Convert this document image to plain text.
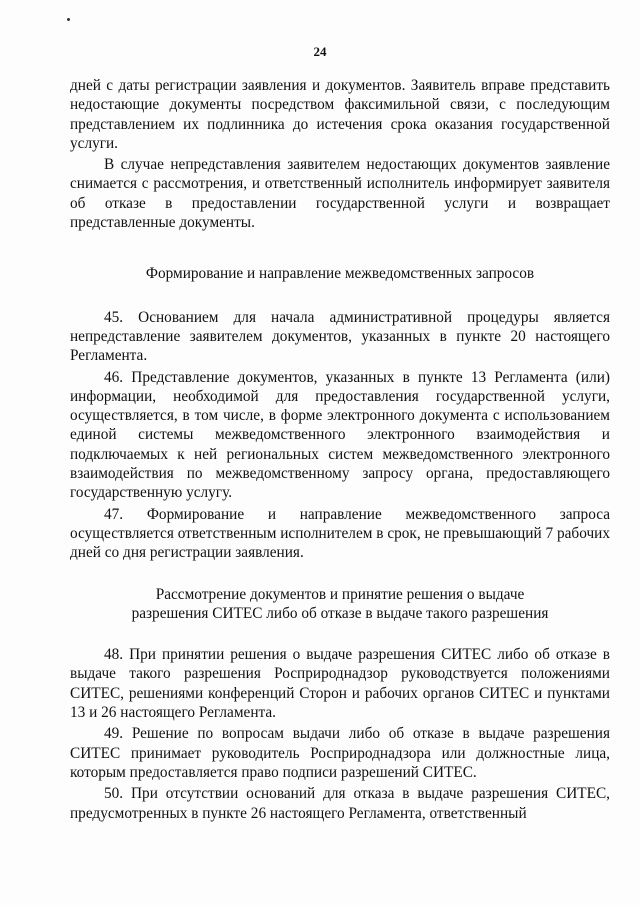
24

дней с даты регистрации заявления и документов. Заявитель вправе представить недостающие документы посредством факсимильной связи, с последующим представлением их подлинника до истечения срока оказания государственной услуги.

В случае непредставления заявителем недостающих документов заявление снимается с рассмотрения, и ответственный исполнитель информирует заявителя об отказе в предоставлении государственной услуги и возвращает представленные документы.

Формирование и направление межведомственных запросов

45. Основанием для начала административной процедуры является непредставление заявителем документов, указанных в пункте 20 настоящего Регламента.

46. Представление документов, указанных в пункте 13 Регламента (или) информации, необходимой для предоставления государственной услуги, осуществляется, в том числе, в форме электронного документа с использованием единой системы межведомственного электронного взаимодействия и подключаемых к ней региональных систем межведомственного электронного взаимодействия по межведомственному запросу органа, предоставляющего государственную услугу.

47. Формирование и направление межведомственного запроса осуществляется ответственным исполнителем в срок, не превышающий 7 рабочих дней со дня регистрации заявления.

Рассмотрение документов и принятие решения о выдаче разрешения СИТЕС либо об отказе в выдаче такого разрешения

48. При принятии решения о выдаче разрешения СИТЕС либо об отказе в выдаче такого разрешения Росприроднадзор руководствуется положениями СИТЕС, решениями конференций Сторон и рабочих органов СИТЕС и пунктами 13 и 26 настоящего Регламента.

49. Решение по вопросам выдачи либо об отказе в выдаче разрешения СИТЕС принимает руководитель Росприроднадзора или должностные лица, которым предоставляется право подписи разрешений СИТЕС.

50. При отсутствии оснований для отказа в выдаче разрешения СИТЕС, предусмотренных в пункте 26 настоящего Регламента, ответственный
